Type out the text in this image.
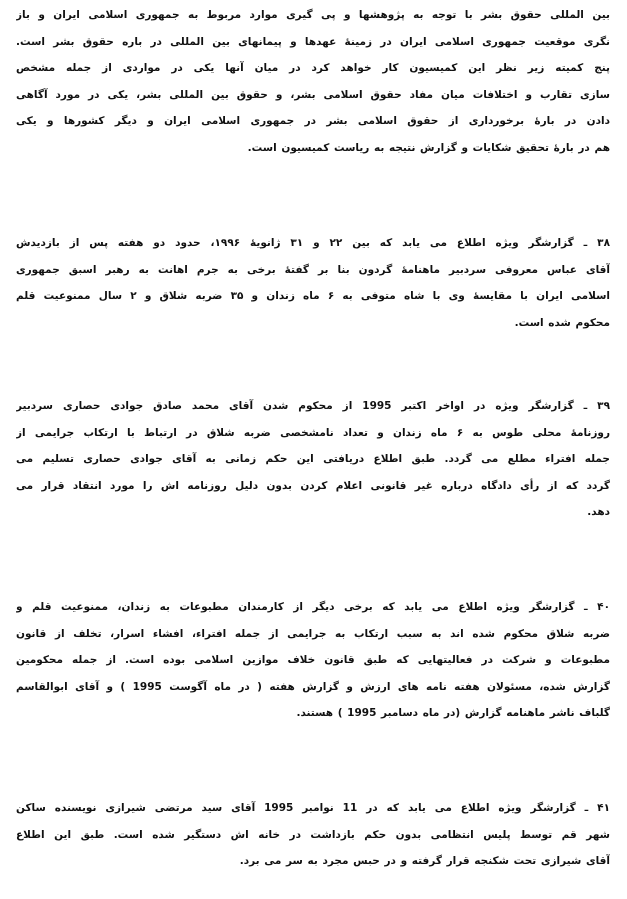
بین المللی حقوق بشر با توجه به پژوهشها و پی گیری موارد مربوط به جمهوری اسلامی ایران و باز
نگری موقعیت جمهوری اسلامی ایران در زمینهٔ عهدها و پیمانهای بین المللی در باره حقوق بشر است.
پنج کمیته زیر نظر این کمیسیون کار خواهد کرد در میان آنها یکی در مواردی از جمله مشخص
سازی تقارب و اختلافات میان مفاد حقوق اسلامی بشر، و حقوق بین المللی بشر، یکی در مورد آگاهی
دادن در بارهٔ برخورداری از حقوق اسلامی بشر در جمهوری اسلامی ایران و دیگر کشورها و یکی
هم در بارهٔ تحقیق شکایات و گزارش نتیجه به ریاست کمیسیون است.
۳۸ ـ گزارشگر ویژه اطلاع می یابد که بین ۲۲ و ۳۱ ژانویهٔ ۱۹۹۶، حدود دو هفته پس از بازدیدش
آقای عباس معروفی سردبیر ماهنامهٔ گردون بنا بر گفتهٔ برخی به جرم اهانت به رهبر اسبق جمهوری
اسلامی ایران با مقایسهٔ وی با شاه متوفی به ۶ ماه زندان و ۳۵ ضربه شلاق و ۲ سال ممنوعیت قلم
محکوم شده است.
۳۹ ـ گزارشگر ویژه در اواخر اکتبر 1995 از محکوم شدن آقای محمد صادق جوادی حصاری سردبیر
روزنامهٔ محلی طوس به ۶ ماه زندان و تعداد نامشخصی ضربه شلاق در ارتباط با ارتکاب جرایمی از
جمله افتراء مطلع می گردد. طبق اطلاع دریافتی این حکم زمانی به آقای جوادی حصاری تسلیم می
گردد که از رأی دادگاه درباره غیر قانونی اعلام کردن بدون دلیل روزنامه اش را مورد انتقاد قرار می
دهد.
۴۰ ـ گزارشگر ویژه اطلاع می یابد که برخی دیگر از کارمندان مطبوعات به زندان، ممنوعیت قلم و
ضربه شلاق محکوم شده اند به سبب ارتکاب به جرایمی از جمله افتراء، افشاء اسرار، تخلف از قانون
مطبوعات و شرکت در فعالیتهایی که طبق قانون خلاف موازین اسلامی بوده است. از جمله محکومین
گزارش شده، مسئولان هفته نامه های ارزش و گزارش هفته ( در ماه آگوست 1995 ) و آقای ابوالقاسم
گلباف ناشر ماهنامه گزارش (در ماه دسامبر 1995 ) هستند.
۴۱ ـ گزارشگر ویژه اطلاع می یابد که در 11 نوامبر 1995 آقای سید مرتضی شیرازی نویسنده ساکن
شهر قم توسط پلیس انتظامی بدون حکم بازداشت در خانه اش دستگیر شده است. طبق این اطلاع
آقای شیرازی تحت شکنجه قرار گرفته و در حبس مجرد به سر می برد.
